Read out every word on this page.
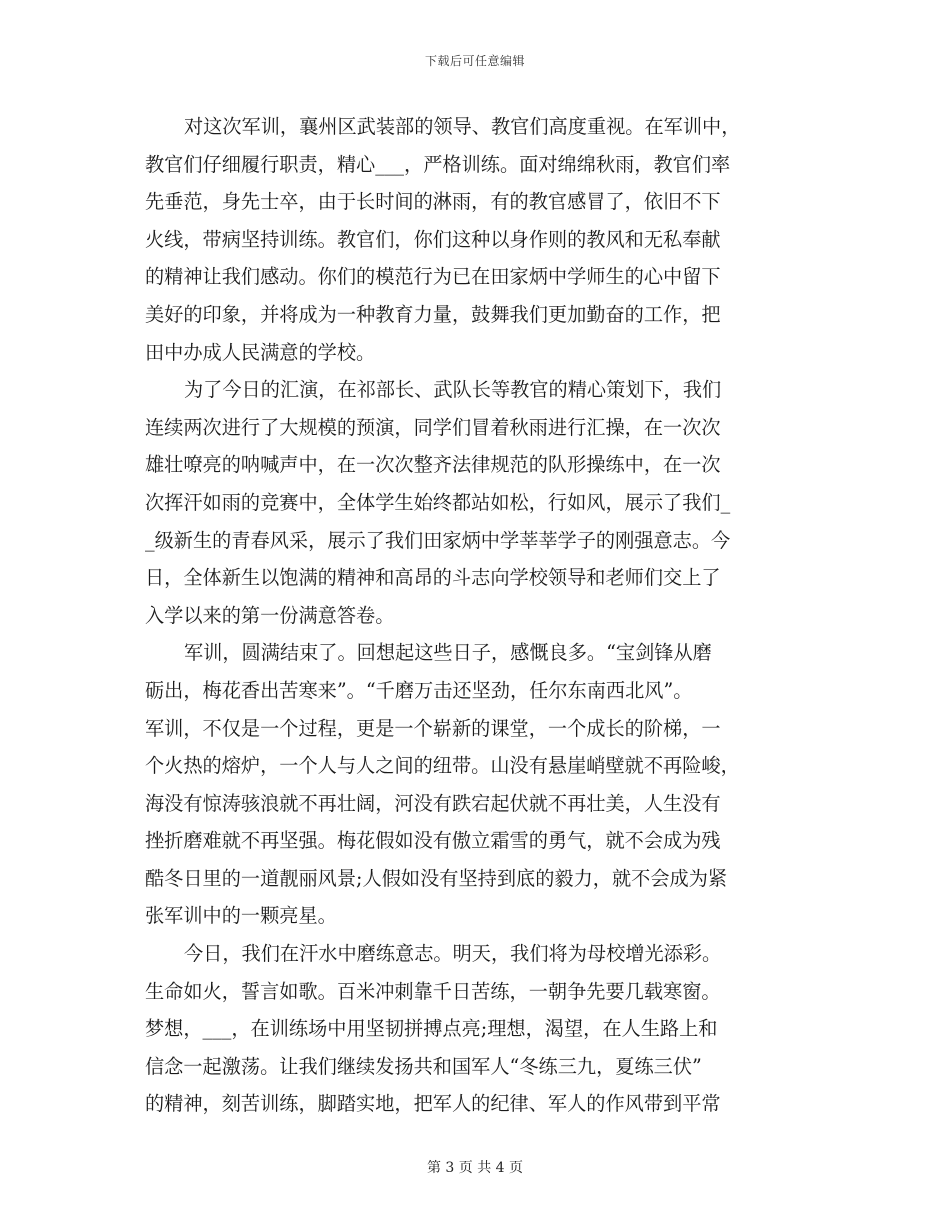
下载后可任意编辑
对这次军训，襄州区武装部的领导、教官们高度重视。在军训中，
教官们仔细履行职责，精心___，严格训练。面对绵绵秋雨，教官们率
先垂范，身先士卒，由于长时间的淋雨，有的教官感冒了，依旧不下
火线，带病坚持训练。教官们，你们这种以身作则的教风和无私奉献
的精神让我们感动。你们的模范行为已在田家炳中学师生的心中留下
美好的印象，并将成为一种教育力量，鼓舞我们更加勤奋的工作，把
田中办成人民满意的学校。
为了今日的汇演，在祁部长、武队长等教官的精心策划下，我们
连续两次进行了大规模的预演，同学们冒着秋雨进行汇操，在一次次
雄壮嘹亮的呐喊声中，在一次次整齐法律规范的队形操练中，在一次
次挥汗如雨的竞赛中，全体学生始终都站如松，行如风，展示了我们_
_级新生的青春风采，展示了我们田家炳中学莘莘学子的刚强意志。今
日，全体新生以饱满的精神和高昂的斗志向学校领导和老师们交上了
入学以来的第一份满意答卷。
军训，圆满结束了。回想起这些日子，感慨良多。“宝剑锋从磨
砺出，梅花香出苦寒来”。“千磨万击还坚劲，任尔东南西北风”。
军训，不仅是一个过程，更是一个崭新的课堂，一个成长的阶梯，一
个火热的熔炉，一个人与人之间的纽带。山没有悬崖峭壁就不再险峻，
海没有惊涛骇浪就不再壮阔，河没有跌宕起伏就不再壮美，人生没有
挫折磨难就不再坚强。梅花假如没有傲立霜雪的勇气，就不会成为残
酷冬日里的一道靓丽风景;人假如没有坚持到底的毅力，就不会成为紧
张军训中的一颗亮星。
今日，我们在汗水中磨练意志。明天，我们将为母校增光添彩。
生命如火，誓言如歌。百米冲刺靠千日苦练，一朝争先要几载寒窗。
梦想，___，在训练场中用坚韧拼搏点亮;理想，渴望，在人生路上和
信念一起激荡。让我们继续发扬共和国军人“冬练三九，夏练三伏”
的精神，刻苦训练，脚踏实地，把军人的纪律、军人的作风带到平常
第 3 页 共 4 页
